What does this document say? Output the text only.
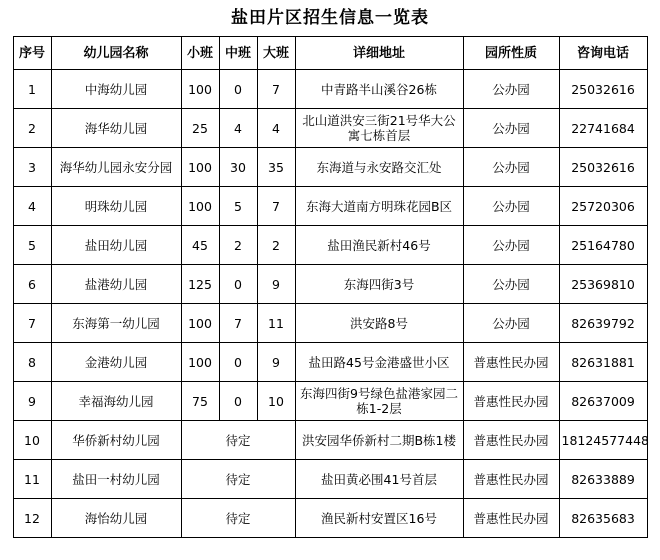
盐田片区招生信息一览表
序号	幼儿园名称	小班	中班	大班	详细地址	园所性质	咨询电话
1	中海幼儿园	100	0	7	中青路半山溪谷26栋	公办园	25032616
2	海华幼儿园	25	4	4	北山道洪安三街21号华大公寓七栋首层	公办园	22741684
3	海华幼儿园永安分园	100	30	35	东海道与永安路交汇处	公办园	25032616
4	明珠幼儿园	100	5	7	东海大道南方明珠花园B区	公办园	25720306
5	盐田幼儿园	45	2	2	盐田渔民新村46号	公办园	25164780
6	盐港幼儿园	125	0	9	东海四街3号	公办园	25369810
7	东海第一幼儿园	100	7	11	洪安路8号	公办园	82639792
8	金港幼儿园	100	0	9	盐田路45号金港盛世小区	普惠性民办园	82631881
9	幸福海幼儿园	75	0	10	东海四街9号绿色盐港家园二栋1-2层	普惠性民办园	82637009
10	华侨新村幼儿园	待定			洪安园华侨新村二期B栋1楼	普惠性民办园	18124577448
11	盐田一村幼儿园	待定			盐田黄必围41号首层	普惠性民办园	82633889
12	海怡幼儿园	待定			渔民新村安置区16号	普惠性民办园	82635683
